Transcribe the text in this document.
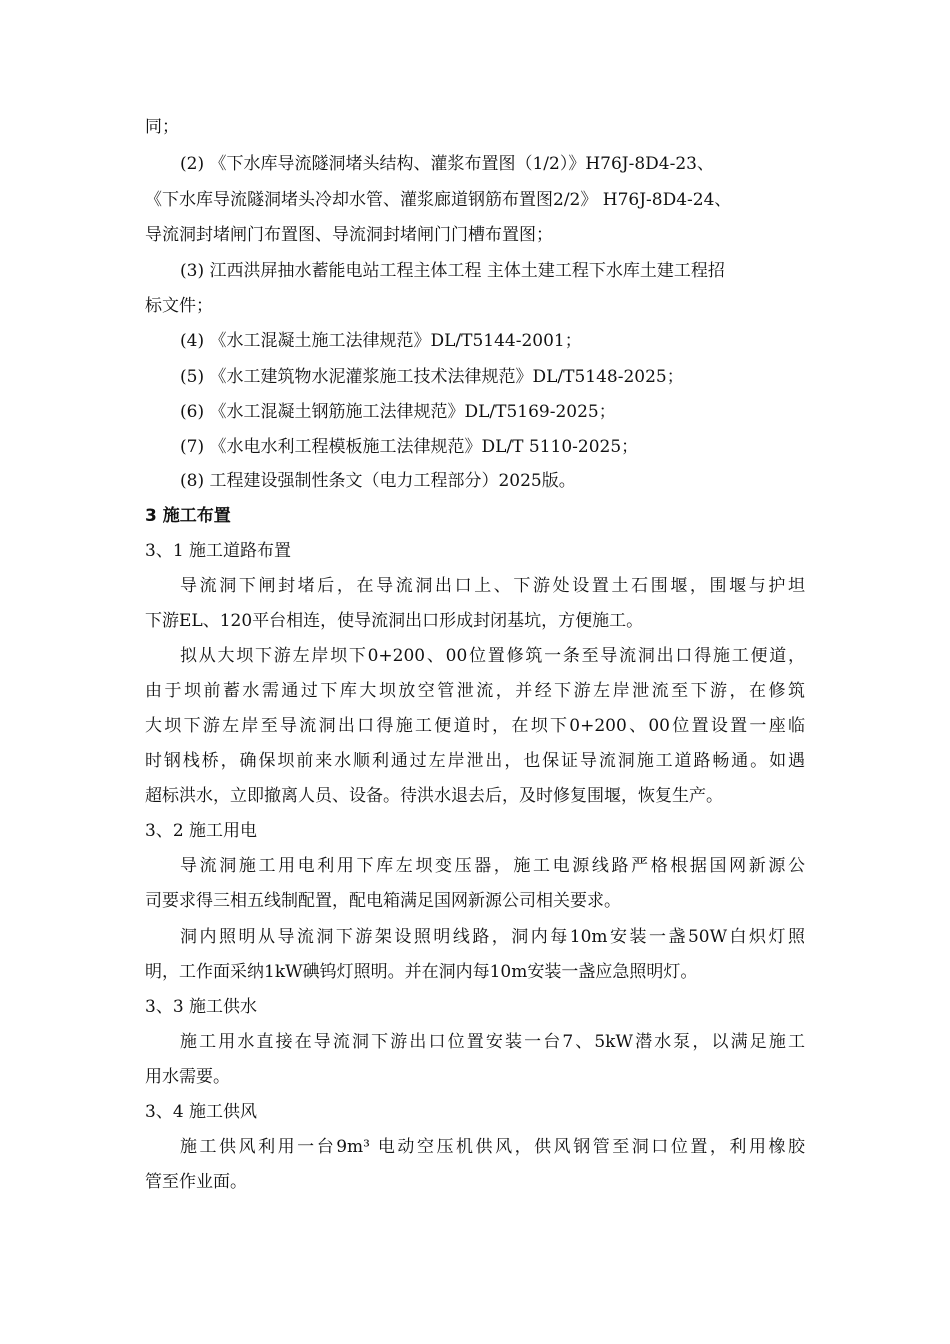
同；
(2) 《下水库导流隧洞堵头结构、灌浆布置图（1/2）》H76J-8D4-23、
《下水库导流隧洞堵头冷却水管、灌浆廊道钢筋布置图2/2》 H76J-8D4-24、
导流洞封堵闸门布置图、导流洞封堵闸门门槽布置图；
(3) 江西洪屏抽水蓄能电站工程主体工程 主体土建工程下水库土建工程招
标文件；
(4) 《水工混凝土施工法律规范》DL/T5144-2001；
(5) 《水工建筑物水泥灌浆施工技术法律规范》DL/T5148-2025；
(6) 《水工混凝土钢筋施工法律规范》DL/T5169-2025；
(7) 《水电水利工程模板施工法律规范》DL/T 5110-2025；
(8) 工程建设强制性条文（电力工程部分）2025版。
3 施工布置
3、1 施工道路布置
导流洞下闸封堵后，在导流洞出口上、下游处设置土石围堰，围堰与护坦
下游EL、120平台相连，使导流洞出口形成封闭基坑，方便施工。
拟从大坝下游左岸坝下0+200、00位置修筑一条至导流洞出口得施工便道，
由于坝前蓄水需通过下库大坝放空管泄流，并经下游左岸泄流至下游，在修筑
大坝下游左岸至导流洞出口得施工便道时，在坝下0+200、00位置设置一座临
时钢栈桥，确保坝前来水顺利通过左岸泄出，也保证导流洞施工道路畅通。如遇
超标洪水，立即撤离人员、设备。待洪水退去后，及时修复围堰，恢复生产。
3、2 施工用电
导流洞施工用电利用下库左坝变压器，施工电源线路严格根据国网新源公
司要求得三相五线制配置，配电箱满足国网新源公司相关要求。
洞内照明从导流洞下游架设照明线路，洞内每10m安装一盏50W白炽灯照
明，工作面采纳1kW碘钨灯照明。并在洞内每10m安装一盏应急照明灯。
3、3 施工供水
施工用水直接在导流洞下游出口位置安装一台7、5kW潜水泵，以满足施工
用水需要。
3、4 施工供风
施工供风利用一台9m³ 电动空压机供风，供风钢管至洞口位置，利用橡胶
管至作业面。
